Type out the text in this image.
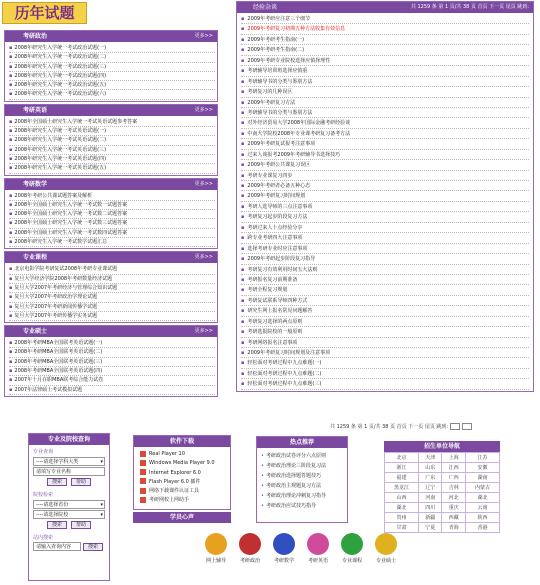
历年试题
考研政治	更多>>
▪ 2008年研究生入学统一考试政治试题(一)
▪ 2008年研究生入学统一考试政治试题(二)
▪ 2008年研究生入学统一考试政治试题(三)
▪ 2008年研究生入学统一考试政治试题(四)
▪ 2008年研究生入学统一考试政治试题(五)
▪ 2008年研究生入学统一考试政治试题(六)
考研英语	更多>>
▪ 2008年全国硕士研究生入学统一考试英语试题参考答案
▪ 2008年研究生入学统一考试英语试题(一)
▪ 2008年研究生入学统一考试英语试题(二)
▪ 2008年研究生入学统一考试英语试题(三)
▪ 2008年研究生入学统一考试英语试题(四)
▪ 2008年研究生入学统一考试英语试题(五)
考研数学	更多>>
▪ 2008年考研公共课试题答案及解析
▪ 2008年全国硕士研究生入学统一考试数一试题答案
▪ 2008年全国硕士研究生入学统一考试数二试题答案
▪ 2008年全国硕士研究生入学统一考试数三试题答案
▪ 2008年全国硕士研究生入学统一考试数四试题答案
▪ 2008年研究生入学统一考试数学试题汇总
专业课程	更多>>
▪ 北京电影学院考研复试2008年考研专业课试题
▪ 复旦大学经济学院2008年考研数量经济试题
▪ 复旦大学2007年考研经济与管理综合知识试题
▪ 复旦大学2007年考研政治学理论试题
▪ 复旦大学2007年考研新闻传播学试题
▪ 复旦大学2007年考研传播学实务试题
专业硕士	更多>>
▪ 2008年考研MBA全国联考英语试题(一)
▪ 2008年考研MBA全国联考英语试题(二)
▪ 2008年考研MBA全国联考英语试题(三)
▪ 2008年考研MBA全国联考英语试题(四)
▪ 2007年十月在职MBA联考综合能力试卷
▪ 2007年法律硕士考试模拟试题
经验杂谈	共 1259 条 第 1 页/共 38 页 首页 下一页 尾页 跳到:
▪ 2009年考研应注意三个细节
▪ 2009年考研复习初期五种方法收集有效信息
▪ 2009年考研考生指南(一)
▪ 2009年考研考生指南(二)
▪ 2009年考研专业院校选择应慎择理性
▪ 考研辅导培训班选择应慎重
▪ 考研辅导书的分类与鉴别方法
▪ 考研复习的几种误区
▪ 2009年考研复习方法
▪ 考研辅导书的分类与鉴别方法
▪ 对外经济贸易大学2008年国际金融考研经验谈
▪ 中南大学院校2008年专业课考研复习备考方法
▪ 2009年考研复试报考注意事项
▪ 过来人谈报考2009年考研辅导书选择技巧
▪ 2009年考研公共课复习误区
▪ 考研专业课复习四步
▪ 2009年考研者必备五种心态
▪ 2009年考研复习时间规划
▪ 考研人选导师的三点注意事项
▪ 考研复习起步阶段复习方法
▪ 考研过来人十点经验分享
▪ 跨专业考研四大注意事项
▪ 选择考研专业时应注意事项
▪ 2009年考研起步阶段复习指导
▪ 考研复习有效利用时间五大法则
▪ 考研报名复习前期准备
▪ 考研全程复习规划
▪ 考研复试联系导师四种方式
▪ 研究生网上报名常见问题解答
▪ 考研复习选择的两点原则
▪ 考研选报院校的一般原则
▪ 考研网络报名注意事项
▪ 2009年考研复习时间规划及注意事项
▪ 轻松面对考研过程中九点难题(一)
▪ 轻松面对考研过程中九点难题(二)
▪ 轻松面对考研过程中九点难题(三)
共 1259 条 第 1 页/共 38 页 首页 下一页 尾页 跳到:
专业及院校查询
专业查询
----请选择学科大类 ▾
请填写专业名称
搜索	帮助
院校检索
----请选择省份 ▾
----请选择院校 ▾
搜索	帮助
站内搜索
请输入查询内容	搜索
软件下载
Real Player 10
Windows Media Player 9.0
Internet Explorer 6.0
Flash Player 6.0 插件
网络下载课件认证工具
考研网校上网助手
学员心声
热点推荐
• 考研政治试卷评分六点原则
• 考研政治理论三阶段复习法
• 考研政治选择题答题技巧
• 考研政治主观题复习方法
• 考研政治理论冲刺复习指导
• 考研政治应试技巧指导
招生单位导航
北京	天津	上海	江苏
浙江	山东	江西	安徽
福建	广东	广西	湖南
黑龙江	辽宁	吉林	内蒙古
山西	河南	河北	湖北
湖北	四川	重庆	云南
贵州	新疆	西藏	陕西
甘肃	宁夏	青海	香港
网上辅导	考研政治	考研数学	考研英语	专业课程	专业硕士
